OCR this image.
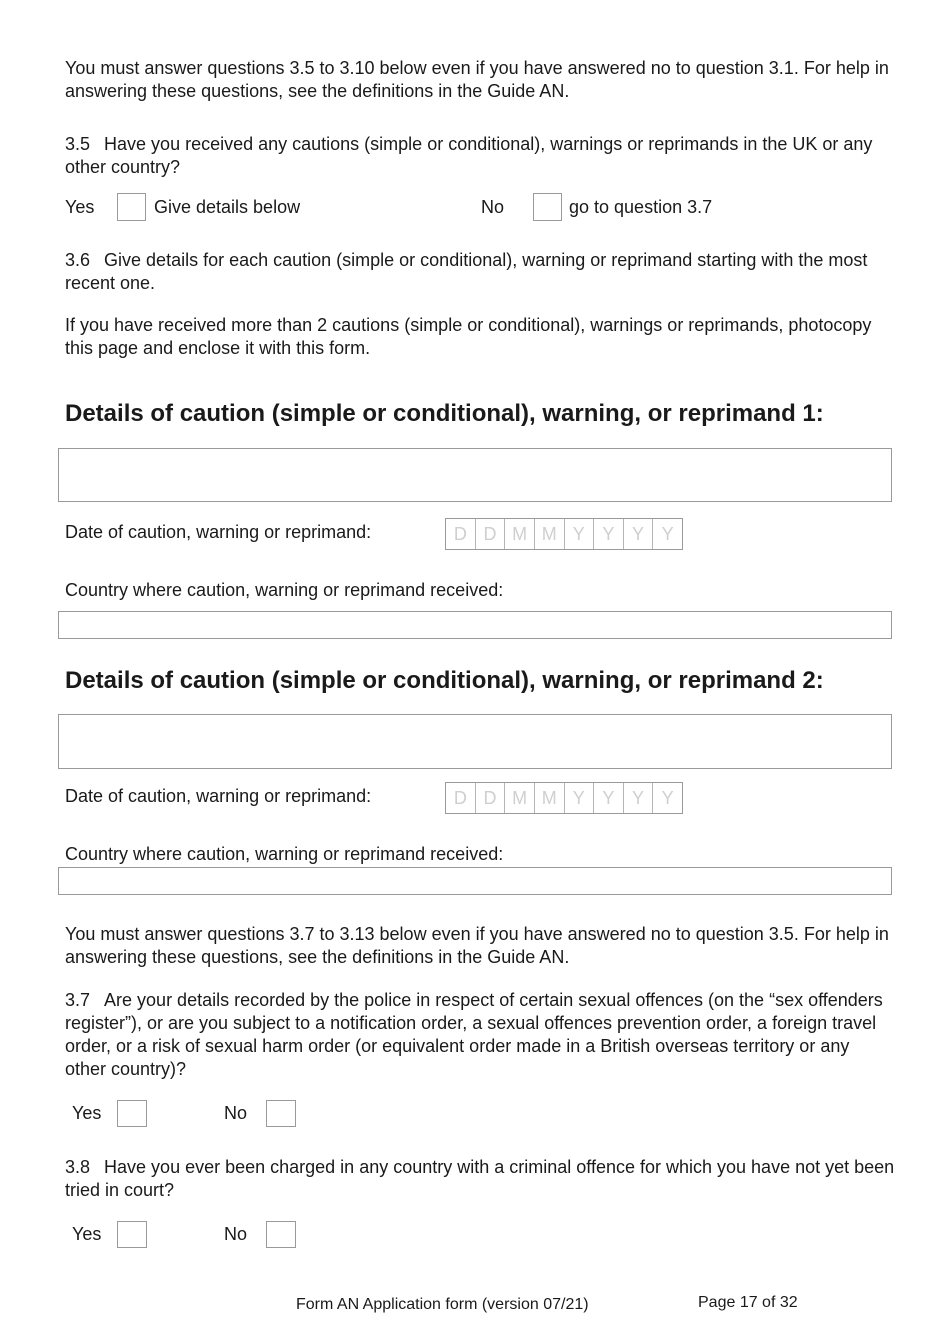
You must answer questions 3.5 to 3.10 below even if you have answered no to question 3.1. For help in answering these questions, see the definitions in the Guide AN.

3.5 Have you received any cautions (simple or conditional), warnings or reprimands in the UK or any other country?

Yes	Give details below	No	go to question 3.7

3.6 Give details for each caution (simple or conditional), warning or reprimand starting with the most recent one.

If you have received more than 2 cautions (simple or conditional), warnings or reprimands, photocopy this page and enclose it with this form.

Details of caution (simple or conditional), warning, or reprimand 1:
Date of caution, warning or reprimand:	D D M M Y Y Y Y
Country where caution, warning or reprimand received:
Details of caution (simple or conditional), warning, or reprimand 2:
Date of caution, warning or reprimand:	D D M M Y Y Y Y
Country where caution, warning or reprimand received:

You must answer questions 3.7 to 3.13 below even if you have answered no to question 3.5. For help in answering these questions, see the definitions in the Guide AN.

3.7 Are your details recorded by the police in respect of certain sexual offences (on the “sex offenders register”), or are you subject to a notification order, a sexual offences prevention order, a foreign travel order, or a risk of sexual harm order (or equivalent order made in a British overseas territory or any other country)?

Yes	No

3.8 Have you ever been charged in any country with a criminal offence for which you have not yet been tried in court?

Yes	No
Form AN Application form (version 07/21)	Page 17 of 32
